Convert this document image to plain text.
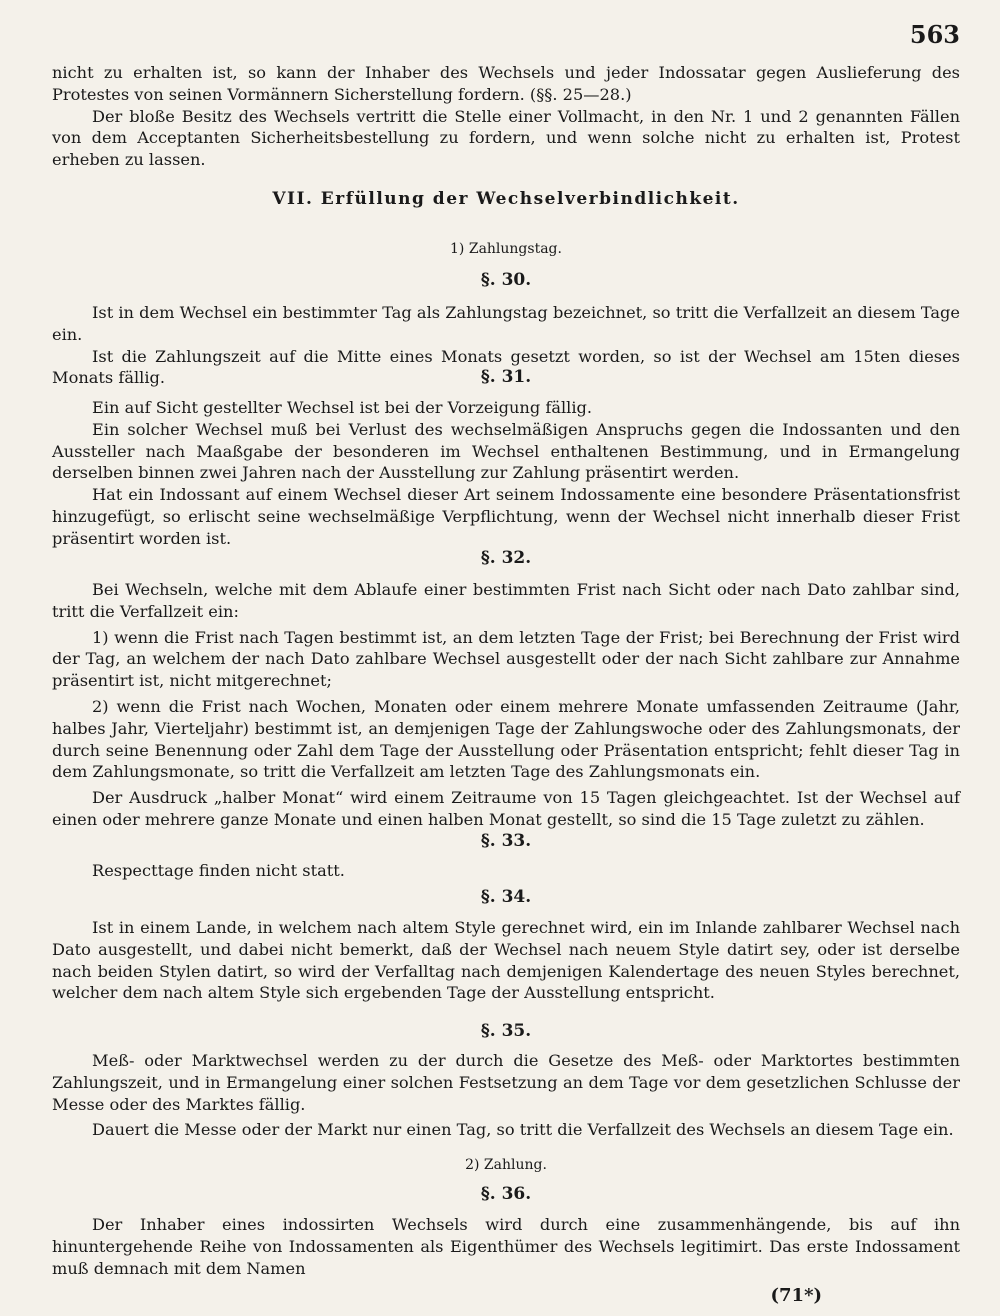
563

nicht zu erhalten ist, so kann der Inhaber des Wechsels und jeder Indossatar gegen Auslieferung des Protestes von seinen Vormännern Sicherstellung fordern. (§§. 25—28.)

Der bloße Besitz des Wechsels vertritt die Stelle einer Vollmacht, in den Nr. 1 und 2 genannten Fällen von dem Acceptanten Sicherheitsbestellung zu fordern, und wenn solche nicht zu erhalten ist, Protest erheben zu lassen.

VII. Erfüllung der Wechselverbindlichkeit.
1) Zahlungstag.
§. 30.

Ist in dem Wechsel ein bestimmter Tag als Zahlungstag bezeichnet, so tritt die Verfallzeit an diesem Tage ein.

Ist die Zahlungszeit auf die Mitte eines Monats gesetzt worden, so ist der Wechsel am 15ten dieses Monats fällig.	§. 31.

Ein auf Sicht gestellter Wechsel ist bei der Vorzeigung fällig.

Ein solcher Wechsel muß bei Verlust des wechselmäßigen Anspruchs gegen die Indossanten und den Aussteller nach Maaßgabe der besonderen im Wechsel enthaltenen Bestimmung, und in Ermangelung derselben binnen zwei Jahren nach der Ausstellung zur Zahlung präsentirt werden.

Hat ein Indossant auf einem Wechsel dieser Art seinem Indossamente eine besondere Präsentationsfrist hinzugefügt, so erlischt seine wechselmäßige Verpflichtung, wenn der Wechsel nicht innerhalb dieser Frist präsentirt worden ist.

§. 32.

Bei Wechseln, welche mit dem Ablaufe einer bestimmten Frist nach Sicht oder nach Dato zahlbar sind, tritt die Verfallzeit ein:

1) wenn die Frist nach Tagen bestimmt ist, an dem letzten Tage der Frist; bei Berechnung der Frist wird der Tag, an welchem der nach Dato zahlbare Wechsel ausgestellt oder der nach Sicht zahlbare zur Annahme präsentirt ist, nicht mitgerechnet;

2) wenn die Frist nach Wochen, Monaten oder einem mehrere Monate umfassenden Zeitraume (Jahr, halbes Jahr, Vierteljahr) bestimmt ist, an demjenigen Tage der Zahlungswoche oder des Zahlungsmonats, der durch seine Benennung oder Zahl dem Tage der Ausstellung oder Präsentation entspricht; fehlt dieser Tag in dem Zahlungsmonate, so tritt die Verfallzeit am letzten Tage des Zahlungsmonats ein.

Der Ausdruck „halber Monat“ wird einem Zeitraume von 15 Tagen gleichgeachtet. Ist der Wechsel auf einen oder mehrere ganze Monate und einen halben Monat gestellt, so sind die 15 Tage zuletzt zu zählen.

§. 33.

Respecttage finden nicht statt.

§. 34.

Ist in einem Lande, in welchem nach altem Style gerechnet wird, ein im Inlande zahlbarer Wechsel nach Dato ausgestellt, und dabei nicht bemerkt, daß der Wechsel nach neuem Style datirt sey, oder ist derselbe nach beiden Stylen datirt, so wird der Verfalltag nach demjenigen Kalendertage des neuen Styles berechnet, welcher dem nach altem Style sich ergebenden Tage der Ausstellung entspricht.

§. 35.

Meß- oder Marktwechsel werden zu der durch die Gesetze des Meß- oder Marktortes bestimmten Zahlungszeit, und in Ermangelung einer solchen Festsetzung an dem Tage vor dem gesetzlichen Schlusse der Messe oder des Marktes fällig.

Dauert die Messe oder der Markt nur einen Tag, so tritt die Verfallzeit des Wechsels an diesem Tage ein.

2) Zahlung.
§. 36.

Der Inhaber eines indossirten Wechsels wird durch eine zusammenhängende, bis auf ihn hinuntergehende Reihe von Indossamenten als Eigenthümer des Wechsels legitimirt. Das erste Indossament muß demnach mit dem Namen

(71*)
